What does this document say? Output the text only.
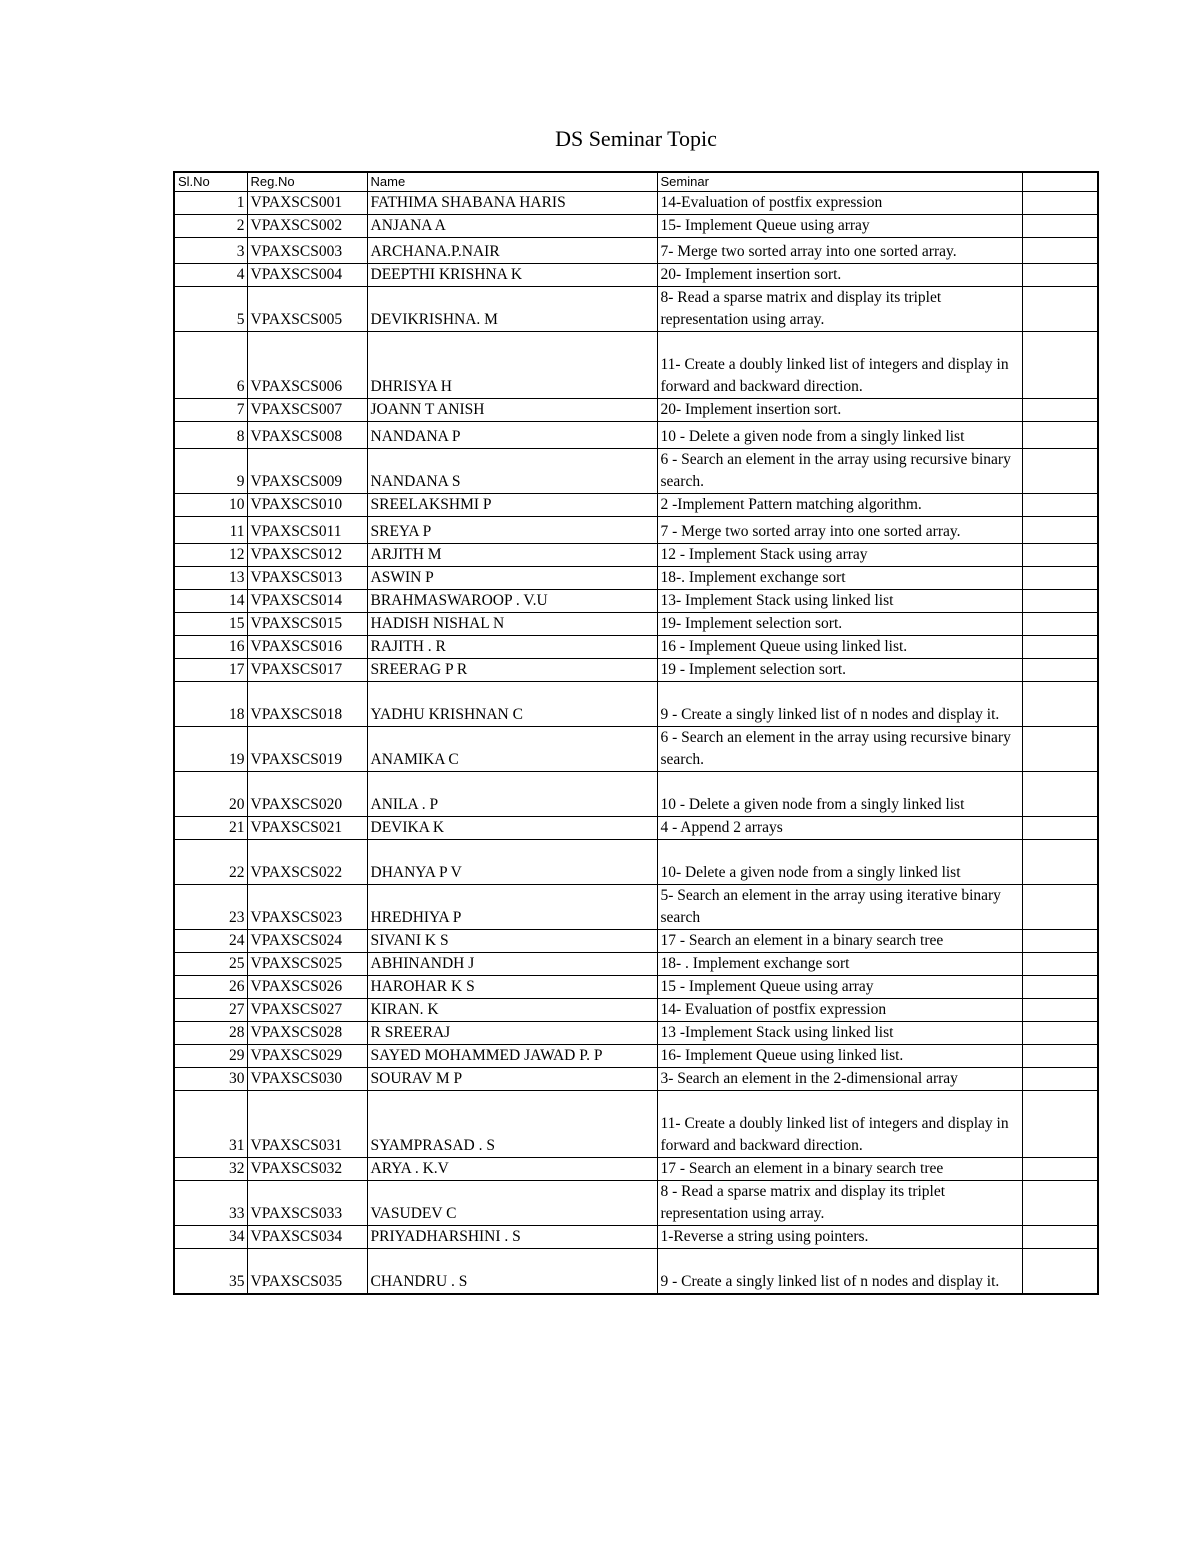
DS Seminar Topic
Sl.No	Reg.No	Name	Seminar	
1	VPAXSCS001	FATHIMA SHABANA HARIS	14-Evaluation of postfix expression	
2	VPAXSCS002	ANJANA A	15- Implement Queue using array	
3	VPAXSCS003	ARCHANA.P.NAIR	7- Merge two sorted array into one sorted array.	
4	VPAXSCS004	DEEPTHI KRISHNA K	20- Implement insertion sort.	
5	VPAXSCS005	DEVIKRISHNA. M	8- Read a sparse matrix and display its triplet representation using array.	
6	VPAXSCS006	DHRISYA H	11- Create a doubly linked list of integers and display in forward and backward direction.	
7	VPAXSCS007	JOANN T ANISH	20- Implement insertion sort.	
8	VPAXSCS008	NANDANA P	10 - Delete a given node from a singly linked list	
9	VPAXSCS009	NANDANA S	6 - Search an element in the array using recursive binary search.	
10	VPAXSCS010	SREELAKSHMI P	2 -Implement Pattern matching algorithm.	
11	VPAXSCS011	SREYA P	7 - Merge two sorted array into one sorted array.	
12	VPAXSCS012	ARJITH M	12 - Implement Stack using array	
13	VPAXSCS013	ASWIN P	18-. Implement exchange sort	
14	VPAXSCS014	BRAHMASWAROOP . V.U	13- Implement Stack using linked list	
15	VPAXSCS015	HADISH NISHAL N	19- Implement selection sort.	
16	VPAXSCS016	RAJITH . R	16 - Implement Queue using linked list.	
17	VPAXSCS017	SREERAG P R	19 - Implement selection sort.	
18	VPAXSCS018	YADHU KRISHNAN C	9 - Create a singly linked list of n nodes and display it.	
19	VPAXSCS019	ANAMIKA C	6 - Search an element in the array using recursive binary search.	
20	VPAXSCS020	ANILA . P	10 - Delete a given node from a singly linked list	
21	VPAXSCS021	DEVIKA K	4 - Append 2 arrays	
22	VPAXSCS022	DHANYA P V	10- Delete a given node from a singly linked list	
23	VPAXSCS023	HREDHIYA P	5- Search an element in the array using iterative binary search	
24	VPAXSCS024	SIVANI K S	17 - Search an element in a binary search tree	
25	VPAXSCS025	ABHINANDH J	18- . Implement exchange sort	
26	VPAXSCS026	HAROHAR K S	15 - Implement Queue using array	
27	VPAXSCS027	KIRAN. K	14- Evaluation of postfix expression	
28	VPAXSCS028	R SREERAJ	13 -Implement Stack using linked list	
29	VPAXSCS029	SAYED MOHAMMED JAWAD P. P	16- Implement Queue using linked list.	
30	VPAXSCS030	SOURAV M P	3- Search an element in the 2-dimensional array	
31	VPAXSCS031	SYAMPRASAD . S	11- Create a doubly linked list of integers and display in forward and backward direction.	
32	VPAXSCS032	ARYA . K.V	17 - Search an element in a binary search tree	
33	VPAXSCS033	VASUDEV C	8 - Read a sparse matrix and display its triplet representation using array.	
34	VPAXSCS034	PRIYADHARSHINI . S	1-Reverse a string using pointers.	
35	VPAXSCS035	CHANDRU . S	9 - Create a singly linked list of n nodes and display it.	
